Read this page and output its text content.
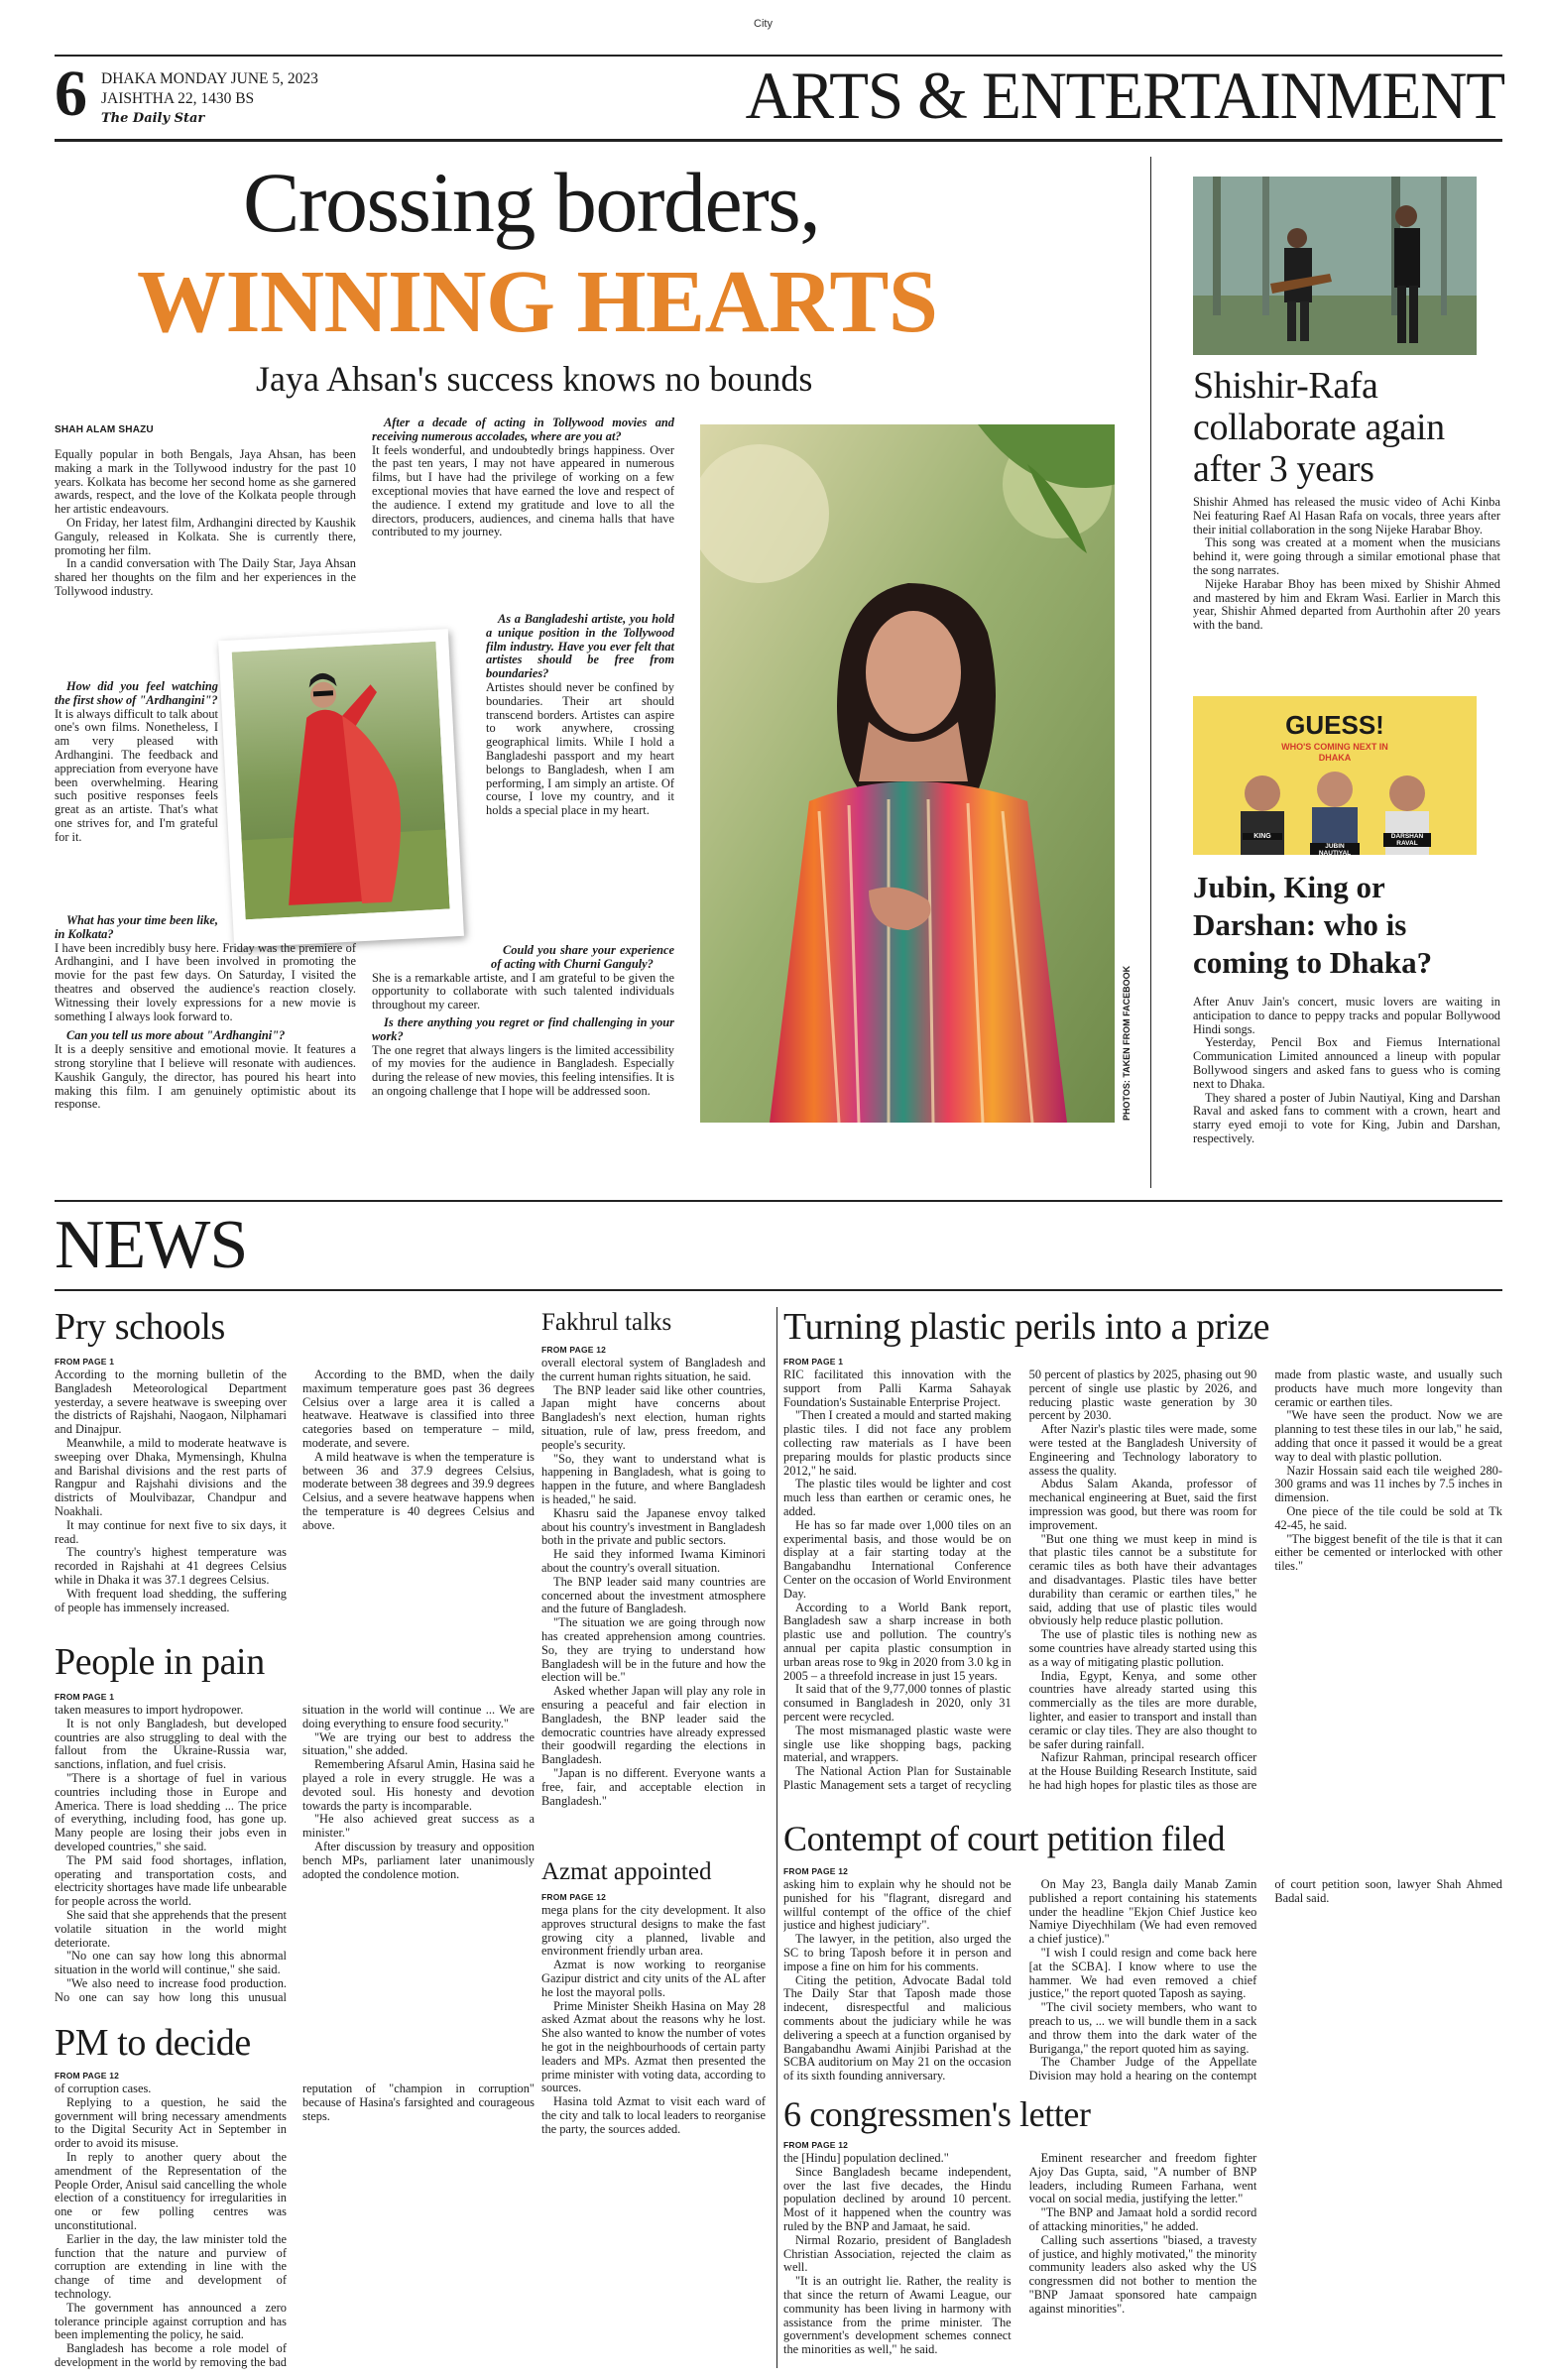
City
6 DHAKA MONDAY JUNE 5, 2023
JAISHTHA 22, 1430 BS
The Daily Star	ARTS & ENTERTAINMENT
Crossing borders,
WINNING HEARTS
Jaya Ahsan's success knows no bounds
SHAH ALAM SHAZU

Equally popular in both Bengals, Jaya Ahsan, has been making a mark in the Tollywood industry for the past 10 years. Kolkata has become her second home as she garnered awards, respect, and the love of the Kolkata people through her artistic endeavours.

On Friday, her latest film, Ardhangini directed by Kaushik Ganguly, released in Kolkata. She is currently there, promoting her film.

In a candid conversation with The Daily Star, Jaya Ahsan shared her thoughts on the film and her experiences in the Tollywood industry.

How did you feel watching the first show of "Ardhangini"?

It is always difficult to talk about one's own films. Nonetheless, I am very pleased with Ardhangini. The feedback and appreciation from everyone have been overwhelming. Hearing such positive responses feels great as an artiste. That's what one strives for, and I'm grateful for it.

What has your time been like, in Kolkata?

I have been incredibly busy here. Friday was the premiere of Ardhangini, and I have been involved in promoting the movie for the past few days. On Saturday, I visited the theatres and observed the audience's reaction closely. Witnessing their lovely expressions for a new movie is something I always look forward to.

Can you tell us more about "Ardhangini"?

It is a deeply sensitive and emotional movie. It features a strong storyline that I believe will resonate with audiences. Kaushik Ganguly, the director, has poured his heart into making this film. I am genuinely optimistic about its response.

After a decade of acting in Tollywood movies and receiving numerous accolades, where are you at?

It feels wonderful, and undoubtedly brings happiness. Over the past ten years, I may not have appeared in numerous films, but I have had the privilege of working on a few exceptional movies that have earned the love and respect of the audience. I extend my gratitude and love to all the directors, producers, audiences, and cinema halls that have contributed to my journey.

As a Bangladeshi artiste, you hold a unique position in the Tollywood film industry. Have you ever felt that artistes should be free from boundaries?

Artistes should never be confined by boundaries. Their art should transcend borders. Artistes can aspire to work anywhere, crossing geographical limits. While I hold a Bangladeshi passport and my heart belongs to Bangladesh, when I am performing, I am simply an artiste. Of course, I love my country, and it holds a special place in my heart.

Could you share your experience of acting with Churni Ganguly?

She is a remarkable artiste, and I am grateful to be given the opportunity to collaborate with such talented individuals throughout my career.

Is there anything you regret or find challenging in your work?

The one regret that always lingers is the limited accessibility of my movies for the audience in Bangladesh. Especially during the release of new movies, this feeling intensifies. It is an ongoing challenge that I hope will be addressed soon.	PHOTOS: TAKEN FROM FACEBOOK
Shishir-Rafa collaborate again after 3 years

Shishir Ahmed has released the music video of Achi Kinba Nei featuring Raef Al Hasan Rafa on vocals, three years after their initial collaboration in the song Nijeke Harabar Bhoy.

This song was created at a moment when the musicians behind it, were going through a similar emotional phase that the song narrates.

Nijeke Harabar Bhoy has been mixed by Shishir Ahmed and mastered by him and Ekram Wasi. Earlier in March this year, Shishir Ahmed departed from Aurthohin after 20 years with the band.

GUESS!
WHO'S COMING NEXT IN DHAKA
KING
JUBIN NAUTIYAL
DARSHAN RAVAL
Jubin, King or Darshan: who is coming to Dhaka?

After Anuv Jain's concert, music lovers are waiting in anticipation to dance to peppy tracks and popular Bollywood Hindi songs.

Yesterday, Pencil Box and Fiemus International Communication Limited announced a lineup with popular Bollywood singers and asked fans to guess who is coming next to Dhaka.

They shared a poster of Jubin Nautiyal, King and Darshan Raval and asked fans to comment with a crown, heart and starry eyed emoji to vote for King, Jubin and Darshan, respectively.

NEWS
Pry schools
FROM PAGE 1

According to the morning bulletin of the Bangladesh Meteorological Department yesterday, a severe heatwave is sweeping over the districts of Rajshahi, Naogaon, Nilphamari and Dinajpur.

Meanwhile, a mild to moderate heatwave is sweeping over Dhaka, Mymensingh, Khulna and Barishal divisions and the rest parts of Rangpur and Rajshahi divisions and the districts of Moulvibazar, Chandpur and Noakhali.

It may continue for next five to six days, it read.

The country's highest temperature was recorded in Rajshahi at 41 degrees Celsius while in Dhaka it was 37.1 degrees Celsius.

With frequent load shedding, the suffering of people has immensely increased.

According to the BMD, when the daily maximum temperature goes past 36 degrees Celsius over a large area it is called a heatwave. Heatwave is classified into three categories based on temperature – mild, moderate, and severe.

A mild heatwave is when the temperature is between 36 and 37.9 degrees Celsius, moderate between 38 degrees and 39.9 degrees Celsius, and a severe heatwave happens when the temperature is 40 degrees Celsius and above.

People in pain
FROM PAGE 1

taken measures to import hydropower.

It is not only Bangladesh, but developed countries are also struggling to deal with the fallout from the Ukraine-Russia war, sanctions, inflation, and fuel crisis.

"There is a shortage of fuel in various countries including those in Europe and America. There is load shedding ... The price of everything, including food, has gone up. Many people are losing their jobs even in developed countries," she said.

The PM said food shortages, inflation, operating and transportation costs, and electricity shortages have made life unbearable for people across the world.

She said that she apprehends that the present volatile situation in the world might deteriorate.

"No one can say how long this abnormal situation in the world will continue," she said.

"We also need to increase food production. No one can say how long this unusual situation in the world will continue ... We are doing everything to ensure food security."

"We are trying our best to address the situation," she added.

Remembering Afsarul Amin, Hasina said he played a role in every struggle. He was a devoted soul. His honesty and devotion towards the party is incomparable.

"He also achieved great success as a minister."

After discussion by treasury and opposition bench MPs, parliament later unanimously adopted the condolence motion.

PM to decide
FROM PAGE 12

of corruption cases.

Replying to a question, he said the government will bring necessary amendments to the Digital Security Act in September in order to avoid its misuse.

In reply to another query about the amendment of the Representation of the People Order, Anisul said cancelling the whole election of a constituency for irregularities in one or few polling centres was unconstitutional.

Earlier in the day, the law minister told the function that the nature and purview of corruption are extending in line with the change of time and development of technology.

The government has announced a zero tolerance principle against corruption and has been implementing the policy, he said.

Bangladesh has become a role model of development in the world by removing the bad reputation of "champion in corruption" because of Hasina's farsighted and courageous steps.

Fakhrul talks
FROM PAGE 12

overall electoral system of Bangladesh and the current human rights situation, he said.

The BNP leader said like other countries, Japan might have concerns about Bangladesh's next election, human rights situation, rule of law, press freedom, and people's security.

"So, they want to understand what is happening in Bangladesh, what is going to happen in the future, and where Bangladesh is headed," he said.

Khasru said the Japanese envoy talked about his country's investment in Bangladesh both in the private and public sectors.

He said they informed Iwama Kiminori about the country's overall situation.

The BNP leader said many countries are concerned about the investment atmosphere and the future of Bangladesh.

"The situation we are going through now has created apprehension among countries. So, they are trying to understand how Bangladesh will be in the future and how the election will be."

Asked whether Japan will play any role in ensuring a peaceful and fair election in Bangladesh, the BNP leader said the democratic countries have already expressed their goodwill regarding the elections in Bangladesh.

"Japan is no different. Everyone wants a free, fair, and acceptable election in Bangladesh."

Azmat appointed
FROM PAGE 12

mega plans for the city development. It also approves structural designs to make the fast growing city a planned, livable and environment friendly urban area.

Azmat is now working to reorganise Gazipur district and city units of the AL after he lost the mayoral polls.

Prime Minister Sheikh Hasina on May 28 asked Azmat about the reasons why he lost. She also wanted to know the number of votes he got in the neighbourhoods of certain party leaders and MPs. Azmat then presented the prime minister with voting data, according to sources.

Hasina told Azmat to visit each ward of the city and talk to local leaders to reorganise the party, the sources added.

Turning plastic perils into a prize
FROM PAGE 1

RIC facilitated this innovation with the support from Palli Karma Sahayak Foundation's Sustainable Enterprise Project.

"Then I created a mould and started making plastic tiles. I did not face any problem collecting raw materials as I have been preparing moulds for plastic products since 2012," he said.

The plastic tiles would be lighter and cost much less than earthen or ceramic ones, he added.

He has so far made over 1,000 tiles on an experimental basis, and those would be on display at a fair starting today at the Bangabandhu International Conference Center on the occasion of World Environment Day.

According to a World Bank report, Bangladesh saw a sharp increase in both plastic use and pollution. The country's annual per capita plastic consumption in urban areas rose to 9kg in 2020 from 3.0 kg in 2005 – a threefold increase in just 15 years.

It said that of the 9,77,000 tonnes of plastic consumed in Bangladesh in 2020, only 31 percent were recycled.

The most mismanaged plastic waste were single use like shopping bags, packing material, and wrappers.

The National Action Plan for Sustainable Plastic Management sets a target of recycling 50 percent of plastics by 2025, phasing out 90 percent of single use plastic by 2026, and reducing plastic waste generation by 30 percent by 2030.

After Nazir's plastic tiles were made, some were tested at the Bangladesh University of Engineering and Technology laboratory to assess the quality.

Abdus Salam Akanda, professor of mechanical engineering at Buet, said the first impression was good, but there was room for improvement.

"But one thing we must keep in mind is that plastic tiles cannot be a substitute for ceramic tiles as both have their advantages and disadvantages. Plastic tiles have better durability than ceramic or earthen tiles," he said, adding that use of plastic tiles would obviously help reduce plastic pollution.

The use of plastic tiles is nothing new as some countries have already started using this as a way of mitigating plastic pollution.

India, Egypt, Kenya, and some other countries have already started using this commercially as the tiles are more durable, lighter, and easier to transport and install than ceramic or clay tiles. They are also thought to be safer during rainfall.

Nafizur Rahman, principal research officer at the House Building Research Institute, said he had high hopes for plastic tiles as those are made from plastic waste, and usually such products have much more longevity than ceramic or earthen tiles.

"We have seen the product. Now we are planning to test these tiles in our lab," he said, adding that once it passed it would be a great way to deal with plastic pollution.

Nazir Hossain said each tile weighed 280-300 grams and was 11 inches by 7.5 inches in dimension.

One piece of the tile could be sold at Tk 42-45, he said.

"The biggest benefit of the tile is that it can either be cemented or interlocked with other tiles."

Contempt of court petition filed
FROM PAGE 12

asking him to explain why he should not be punished for his "flagrant, disregard and willful contempt of the office of the chief justice and highest judiciary".

The lawyer, in the petition, also urged the SC to bring Taposh before it in person and impose a fine on him for his comments.

Citing the petition, Advocate Badal told The Daily Star that Taposh made those indecent, disrespectful and malicious comments about the judiciary while he was delivering a speech at a function organised by Bangabandhu Awami Ainjibi Parishad at the SCBA auditorium on May 21 on the occasion of its sixth founding anniversary.

On May 23, Bangla daily Manab Zamin published a report containing his statements under the headline "Ekjon Chief Justice keo Namiye Diyechhilam (We had even removed a chief justice)."

"I wish I could resign and come back here [at the SCBA]. I know where to use the hammer. We had even removed a chief justice," the report quoted Taposh as saying.

"The civil society members, who want to preach to us, ... we will bundle them in a sack and throw them into the dark water of the Buriganga," the report quoted him as saying.

The Chamber Judge of the Appellate Division may hold a hearing on the contempt of court petition soon, lawyer Shah Ahmed Badal said.

6 congressmen's letter
FROM PAGE 12

the [Hindu] population declined."

Since Bangladesh became independent, over the last five decades, the Hindu population declined by around 10 percent. Most of it happened when the country was ruled by the BNP and Jamaat, he said.

Nirmal Rozario, president of Bangladesh Christian Association, rejected the claim as well.

"It is an outright lie. Rather, the reality is that since the return of Awami League, our community has been living in harmony with assistance from the prime minister. The government's development schemes connect the minorities as well," he said.

Eminent researcher and freedom fighter Ajoy Das Gupta, said, "A number of BNP leaders, including Rumeen Farhana, went vocal on social media, justifying the letter."

"The BNP and Jamaat hold a sordid record of attacking minorities," he added.

Calling such assertions "biased, a travesty of justice, and highly motivated," the minority community leaders also asked why the US congressmen did not bother to mention the "BNP Jamaat sponsored hate campaign against minorities".
